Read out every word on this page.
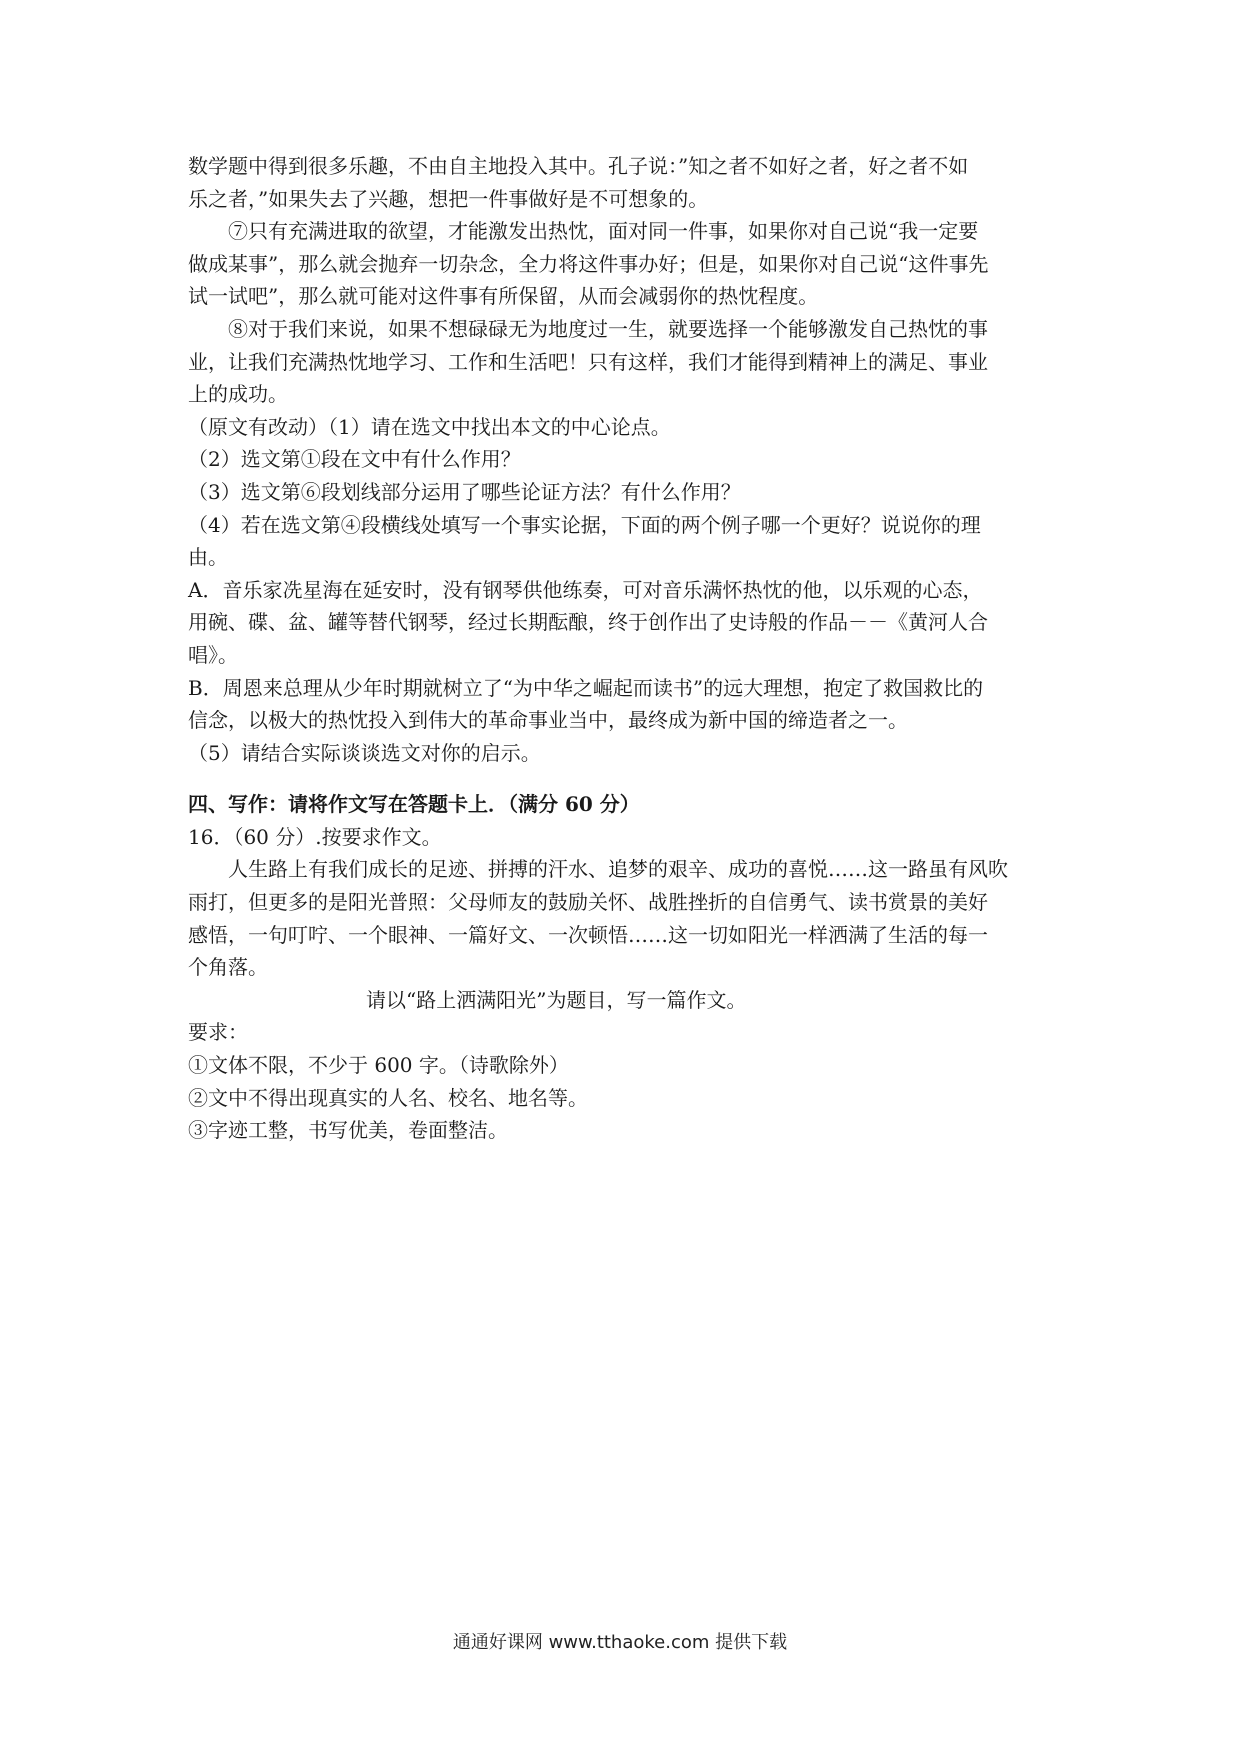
数学题中得到很多乐趣，不由自主地投入其中。孔子说：”知之者不如好之者，好之者不如

乐之者，”如果失去了兴趣，想把一件事做好是不可想象的。

⑦只有充满进取的欲望，才能激发出热忱，面对同一件事，如果你对自己说“我一定要

做成某事”，那么就会抛弃一切杂念，全力将这件事办好；但是，如果你对自己说“这件事先

试一试吧”，那么就可能对这件事有所保留，从而会减弱你的热忱程度。

⑧对于我们来说，如果不想碌碌无为地度过一生，就要选择一个能够激发自己热忱的事

业，让我们充满热忱地学习、工作和生活吧！只有这样，我们才能得到精神上的满足、事业

上的成功。

（原文有改动）（1）请在选文中找出本文的中心论点。

（2）选文第①段在文中有什么作用？

（3）选文第⑥段划线部分运用了哪些论证方法？有什么作用？

（4）若在选文第④段横线处填写一个事实论据，下面的两个例子哪一个更好？说说你的理

由。

A．音乐家冼星海在延安时，没有钢琴供他练奏，可对音乐满怀热忱的他，以乐观的心态，

用碗、碟、盆、罐等替代钢琴，经过长期酝酿，终于创作出了史诗般的作品－－《黄河人合

唱》。

B．周恩来总理从少年时期就树立了“为中华之崛起而读书”的远大理想，抱定了救国救比的

信念，以极大的热忱投入到伟大的革命事业当中，最终成为新中国的缔造者之一。

（5）请结合实际谈谈选文对你的启示。

四、写作：请将作文写在答题卡上．（满分 60 分）

16．（60 分）.按要求作文。

人生路上有我们成长的足迹、拼搏的汗水、追梦的艰辛、成功的喜悦……这一路虽有风吹

雨打，但更多的是阳光普照：父母师友的鼓励关怀、战胜挫折的自信勇气、读书赏景的美好

感悟，一句叮咛、一个眼神、一篇好文、一次顿悟……这一切如阳光一样洒满了生活的每一

个角落。

请以“路上洒满阳光”为题目，写一篇作文。

要求：

①文体不限，不少于 600 字。（诗歌除外）

②文中不得出现真实的人名、校名、地名等。

③字迹工整，书写优美，卷面整洁。

通通好课网 www.tthaoke.com 提供下载
